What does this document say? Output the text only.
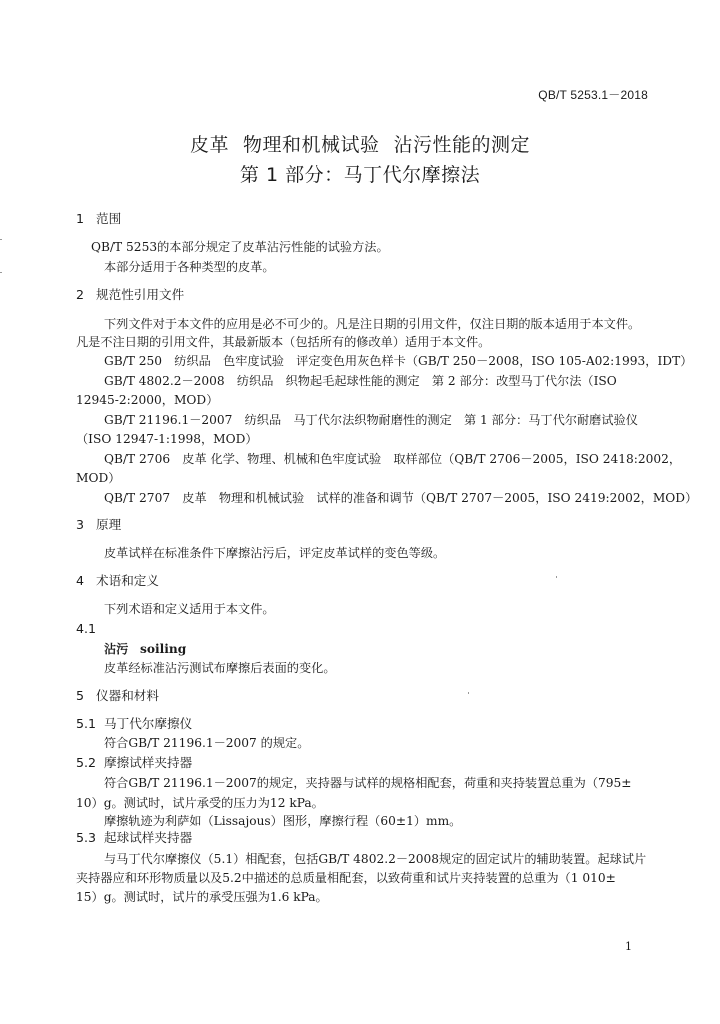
QB/T 5253.1－2018
皮革 物理和机械试验 沾污性能的测定
第 1 部分：马丁代尔摩擦法
1 范围
QB/T 5253的本部分规定了皮革沾污性能的试验方法。
本部分适用于各种类型的皮革。
2 规范性引用文件
下列文件对于本文件的应用是必不可少的。凡是注日期的引用文件，仅注日期的版本适用于本文件。
凡是不注日期的引用文件，其最新版本（包括所有的修改单）适用于本文件。
GB/T 250　纺织品　色牢度试验　评定变色用灰色样卡（GB/T 250－2008，ISO 105-A02:1993，IDT）
GB/T 4802.2－2008　纺织品　织物起毛起球性能的测定　第 2 部分：改型马丁代尔法（ISO
12945-2:2000，MOD）
GB/T 21196.1－2007　纺织品　马丁代尔法织物耐磨性的测定　第 1 部分：马丁代尔耐磨试验仪
（ISO 12947-1:1998，MOD）
QB/T 2706　皮革 化学、物理、机械和色牢度试验　取样部位（QB/T 2706－2005，ISO 2418:2002，
MOD）
QB/T 2707　皮革　物理和机械试验　试样的准备和调节（QB/T 2707－2005，ISO 2419:2002，MOD）
3 原理
皮革试样在标准条件下摩擦沾污后，评定皮革试样的变色等级。
4 术语和定义
下列术语和定义适用于本文件。
4.1
沾污 soiling
皮革经标准沾污测试布摩擦后表面的变化。
5 仪器和材料
5.1 马丁代尔摩擦仪
符合GB/T 21196.1－2007 的规定。
5.2 摩擦试样夹持器
符合GB/T 21196.1－2007的规定，夹持器与试样的规格相配套，荷重和夹持装置总重为（795±
10）g。测试时，试片承受的压力为12 kPa。
摩擦轨迹为利萨如（Lissajous）图形，摩擦行程（60±1）mm。
5.3 起球试样夹持器
与马丁代尔摩擦仪（5.1）相配套，包括GB/T 4802.2－2008规定的固定试片的辅助装置。起球试片
夹持器应和环形物质量以及5.2中描述的总质量相配套，以致荷重和试片夹持装置的总重为（1 010±
15）g。测试时，试片的承受压强为1.6 kPa。
1
